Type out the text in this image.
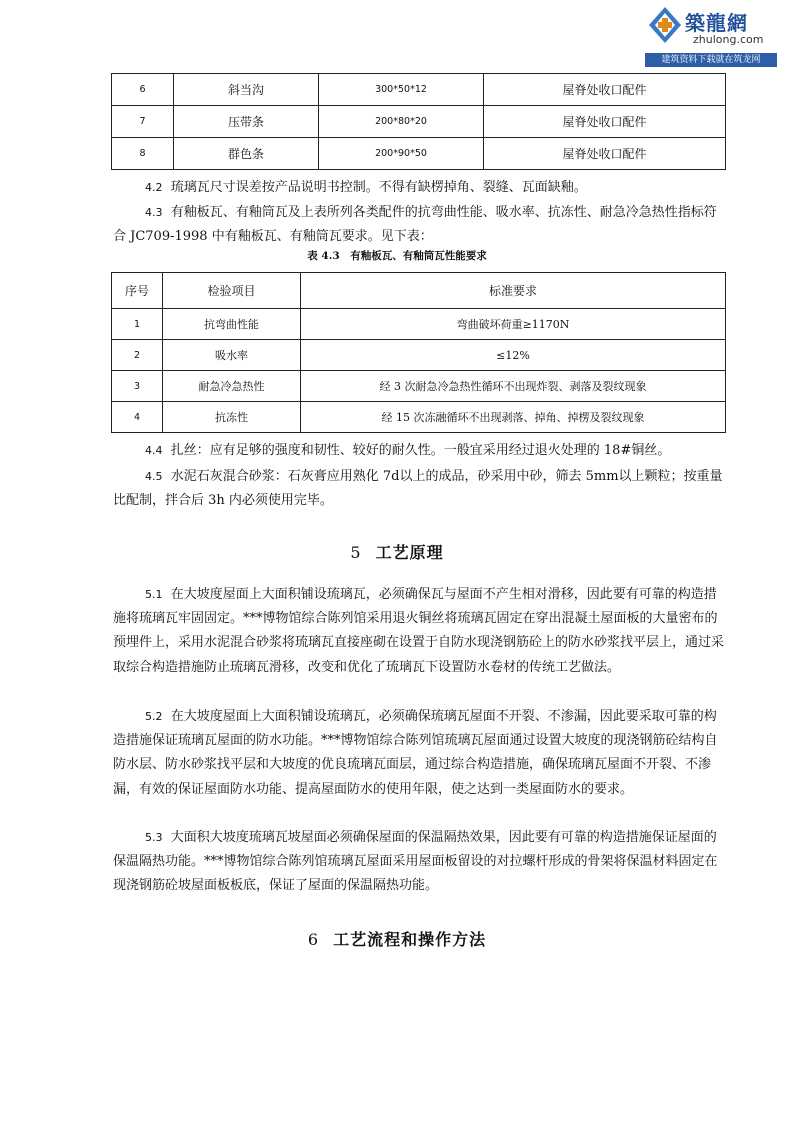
築龍網
zhulong.com
建筑资料下载就在筑龙网
6	斜当沟	300*50*12	屋脊处收口配件
7	压带条	200*80*20	屋脊处收口配件
8	群色条	200*90*50	屋脊处收口配件

4.2 琉璃瓦尺寸误差按产品说明书控制。不得有缺楞掉角、裂缝、瓦面缺釉。

4.3 有釉板瓦、有釉筒瓦及上表所列各类配件的抗弯曲性能、吸水率、抗冻性、耐急冷急热性指标符合 JC709-1998 中有釉板瓦、有釉筒瓦要求。见下表：

表 4.3　有釉板瓦、有釉筒瓦性能要求
序号	检验项目	标准要求
1	抗弯曲性能	弯曲破坏荷重≥1170N
2	吸水率	≤12%
3	耐急冷急热性	经 3 次耐急冷急热性循环不出现炸裂、剥落及裂纹现象
4	抗冻性	经 15 次冻融循环不出现剥落、掉角、掉楞及裂纹现象

4.4 扎丝：应有足够的强度和韧性、较好的耐久性。一般宜采用经过退火处理的 18#铜丝。

4.5 水泥石灰混合砂浆：石灰膏应用熟化 7d以上的成品，砂采用中砂，筛去 5mm以上颗粒；按重量比配制，拌合后 3h 内必须使用完毕。

5 工艺原理

5.1 在大坡度屋面上大面积铺设琉璃瓦，必须确保瓦与屋面不产生相对滑移，因此要有可靠的构造措施将琉璃瓦牢固固定。***博物馆综合陈列馆采用退火铜丝将琉璃瓦固定在穿出混凝土屋面板的大量密布的预埋件上，采用水泥混合砂浆将琉璃瓦直接座砌在设置于自防水现浇钢筋砼上的防水砂浆找平层上，通过采取综合构造措施防止琉璃瓦滑移，改变和优化了琉璃瓦下设置防水卷材的传统工艺做法。

5.2 在大坡度屋面上大面积铺设琉璃瓦，必须确保琉璃瓦屋面不开裂、不渗漏，因此要采取可靠的构造措施保证琉璃瓦屋面的防水功能。***博物馆综合陈列馆琉璃瓦屋面通过设置大坡度的现浇钢筋砼结构自防水层、防水砂浆找平层和大坡度的优良琉璃瓦面层，通过综合构造措施，确保琉璃瓦屋面不开裂、不渗漏，有效的保证屋面防水功能、提高屋面防水的使用年限，使之达到一类屋面防水的要求。

5.3 大面积大坡度琉璃瓦坡屋面必须确保屋面的保温隔热效果，因此要有可靠的构造措施保证屋面的保温隔热功能。***博物馆综合陈列馆琉璃瓦屋面采用屋面板留设的对拉螺杆形成的骨架将保温材料固定在现浇钢筋砼坡屋面板板底，保证了屋面的保温隔热功能。

6 工艺流程和操作方法
